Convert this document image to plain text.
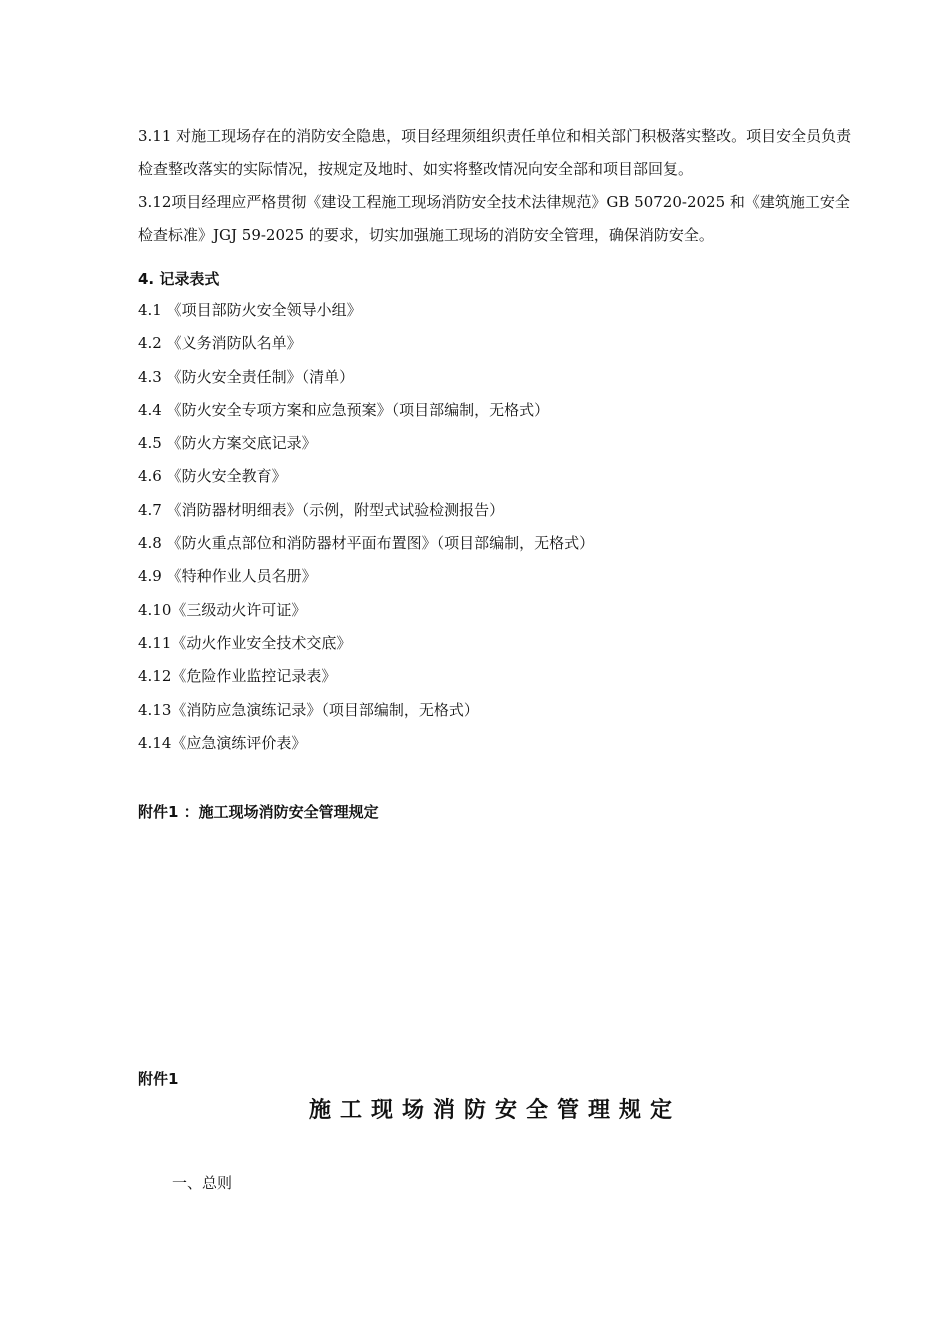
3.11 对施工现场存在的消防安全隐患，项目经理须组织责任单位和相关部门积极落实整改。项目安全员负责检查整改落实的实际情况，按规定及地时、如实将整改情况向安全部和项目部回复。

3.12项目经理应严格贯彻《建设工程施工现场消防安全技术法律规范》GB 50720-2025 和《建筑施工安全检查标准》JGJ 59-2025 的要求，切实加强施工现场的消防安全管理，确保消防安全。

4. 记录表式

4.1 《项目部防火安全领导小组》
4.2 《义务消防队名单》
4.3 《防火安全责任制》（清单）
4.4 《防火安全专项方案和应急预案》（项目部编制，无格式）
4.5 《防火方案交底记录》
4.6 《防火安全教育》
4.7 《消防器材明细表》（示例，附型式试验检测报告）
4.8 《防火重点部位和消防器材平面布置图》（项目部编制，无格式）
4.9 《特种作业人员名册》
4.10《三级动火许可证》
4.11《动火作业安全技术交底》
4.12《危险作业监控记录表》
4.13《消防应急演练记录》（项目部编制，无格式）
4.14《应急演练评价表》

附件1 ：施工现场消防安全管理规定

附件1

施工现场消防安全管理规定

一、总则
